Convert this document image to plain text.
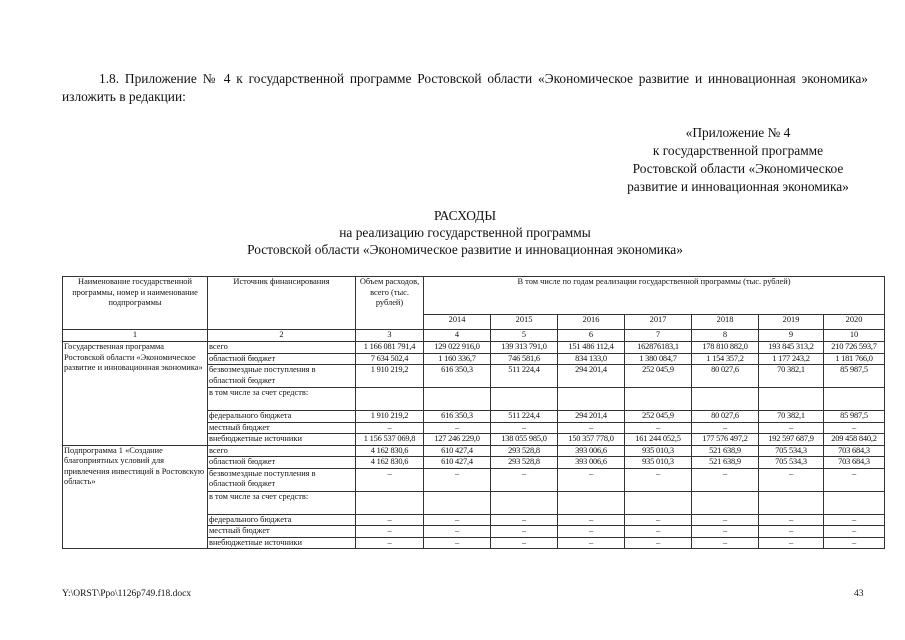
1.8. Приложение № 4 к государственной программе Ростовской области «Экономическое развитие и инновационная экономика» изложить в редакции:
«Приложение № 4
к государственной программе
Ростовской области «Экономическое
развитие и инновационная экономика»
РАСХОДЫ
на реализацию государственной программы
Ростовской области «Экономическое развитие и инновационная экономика»
Наименование государственной программы, номер и наименование подпрограммы	Источник финансирования	Объем расходов, всего (тыс. рублей)	В том числе по годам реализации государственной программы (тыс. рублей)						
			2014	2015	2016	2017	2018	2019	2020
1	2	3	4	5	6	7	8	9	10
Государственная программа Ростовской области «Экономическое развитие и инновационная экономика»	всего	1 166 081 791,4	129 022 916,0	139 313 791,0	151 486 112,4	162876183,1	178 810 882,0	193 845 313,2	210 726 593,7
	областной бюджет	7 634 502,4	1 160 336,7	746 581,6	834 133,0	1 380 084,7	1 154 357,2	1 177 243,2	1 181 766,0
	безвозмездные поступления в областной бюджет	1 910 219,2	616 350,3	511 224,4	294 201,4	252 045,9	80 027,6	70 382,1	85 987,5
	в том числе за счет средств:								
	федерального бюджета	1 910 219,2	616 350,3	511 224,4	294 201,4	252 045,9	80 027,6	70 382,1	85 987,5
	местный бюджет	–	–	–	–	–	–	–	–
	внебюджетные источники	1 156 537 069,8	127 246 229,0	138 055 985,0	150 357 778,0	161 244 052,5	177 576 497,2	192 597 687,9	209 458 840,2
Подпрограмма 1 «Создание благоприятных условий для привлечения инвестиций в Ростовскую область»	всего	4 162 830,6	610 427,4	293 528,8	393 006,6	935 010,3	521 638,9	705 534,3	703 684,3
	областной бюджет	4 162 830,6	610 427,4	293 528,8	393 006,6	935 010,3	521 638,9	705 534,3	703 684,3
	безвозмездные поступления в областной бюджет	–	–	–	–	–	–	–	–
	в том числе за счет средств:								
	федерального бюджета	–	–	–	–	–	–	–	–
	местный бюджет	–	–	–	–	–	–	–	–
	внебюджетные источники	–	–	–	–	–	–	–	–
Y:\ORST\Ppo\1126p749.f18.docx	43
